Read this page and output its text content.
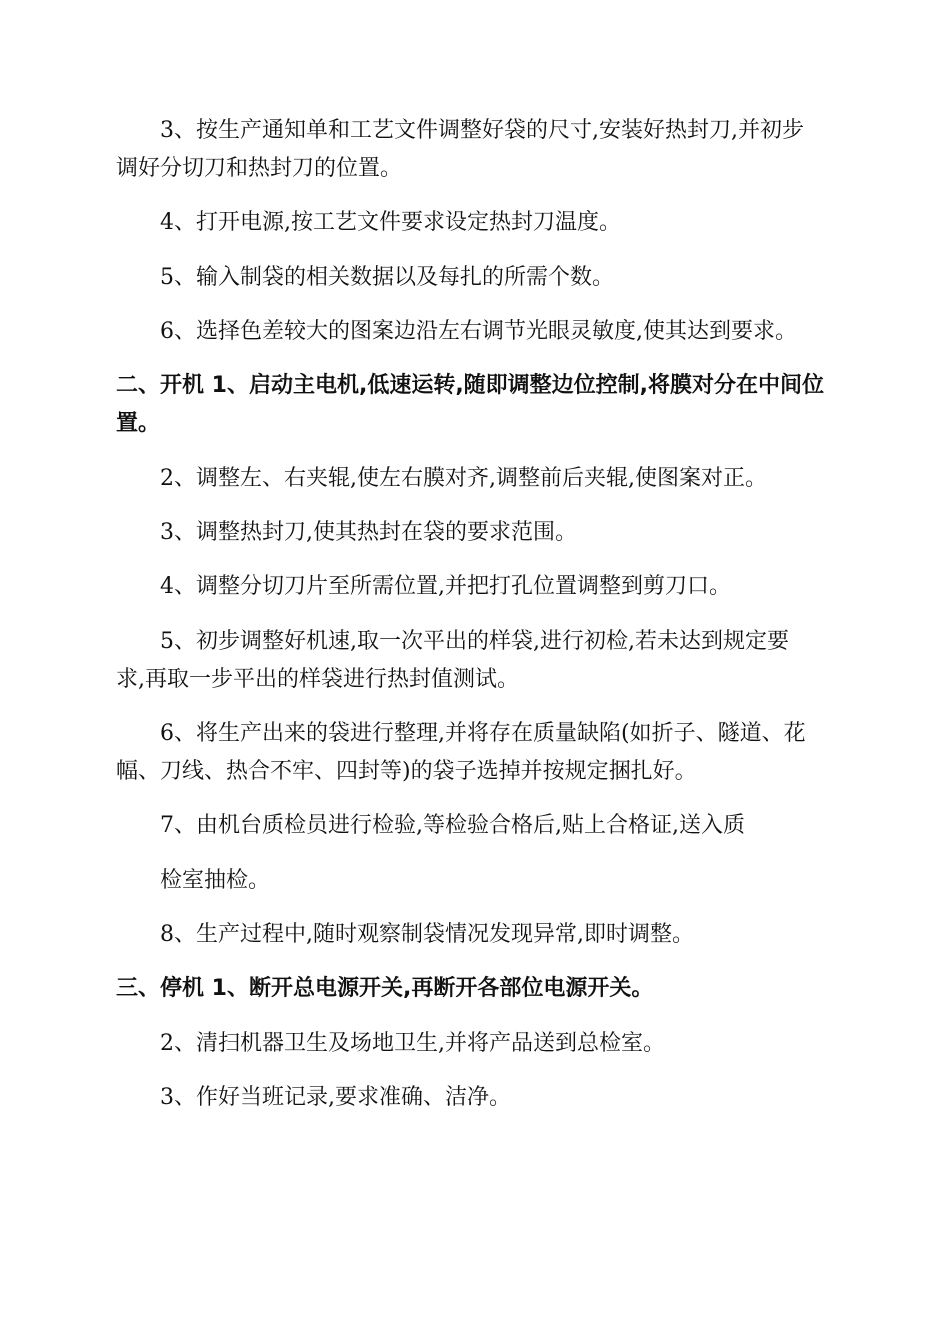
3、按生产通知单和工艺文件调整好袋的尺寸,安装好热封刀,并初步
调好分切刀和热封刀的位置。
4、打开电源,按工艺文件要求设定热封刀温度。
5、输入制袋的相关数据以及每扎的所需个数。
6、选择色差较大的图案边沿左右调节光眼灵敏度,使其达到要求。
二、开机 1、启动主电机,低速运转,随即调整边位控制,将膜对分在中间位
置。
2、调整左、右夹辊,使左右膜对齐,调整前后夹辊,使图案对正。
3、调整热封刀,使其热封在袋的要求范围。
4、调整分切刀片至所需位置,并把打孔位置调整到剪刀口。
5、初步调整好机速,取一次平出的样袋,进行初检,若未达到规定要
求,再取一步平出的样袋进行热封值测试。
6、将生产出来的袋进行整理,并将存在质量缺陷(如折子、隧道、花
幅、刀线、热合不牢、四封等)的袋子选掉并按规定捆扎好。
7、由机台质检员进行检验,等检验合格后,贴上合格证,送入质
检室抽检。
8、生产过程中,随时观察制袋情况发现异常,即时调整。
三、停机 1、断开总电源开关,再断开各部位电源开关。
2、清扫机器卫生及场地卫生,并将产品送到总检室。
3、作好当班记录,要求准确、洁净。
